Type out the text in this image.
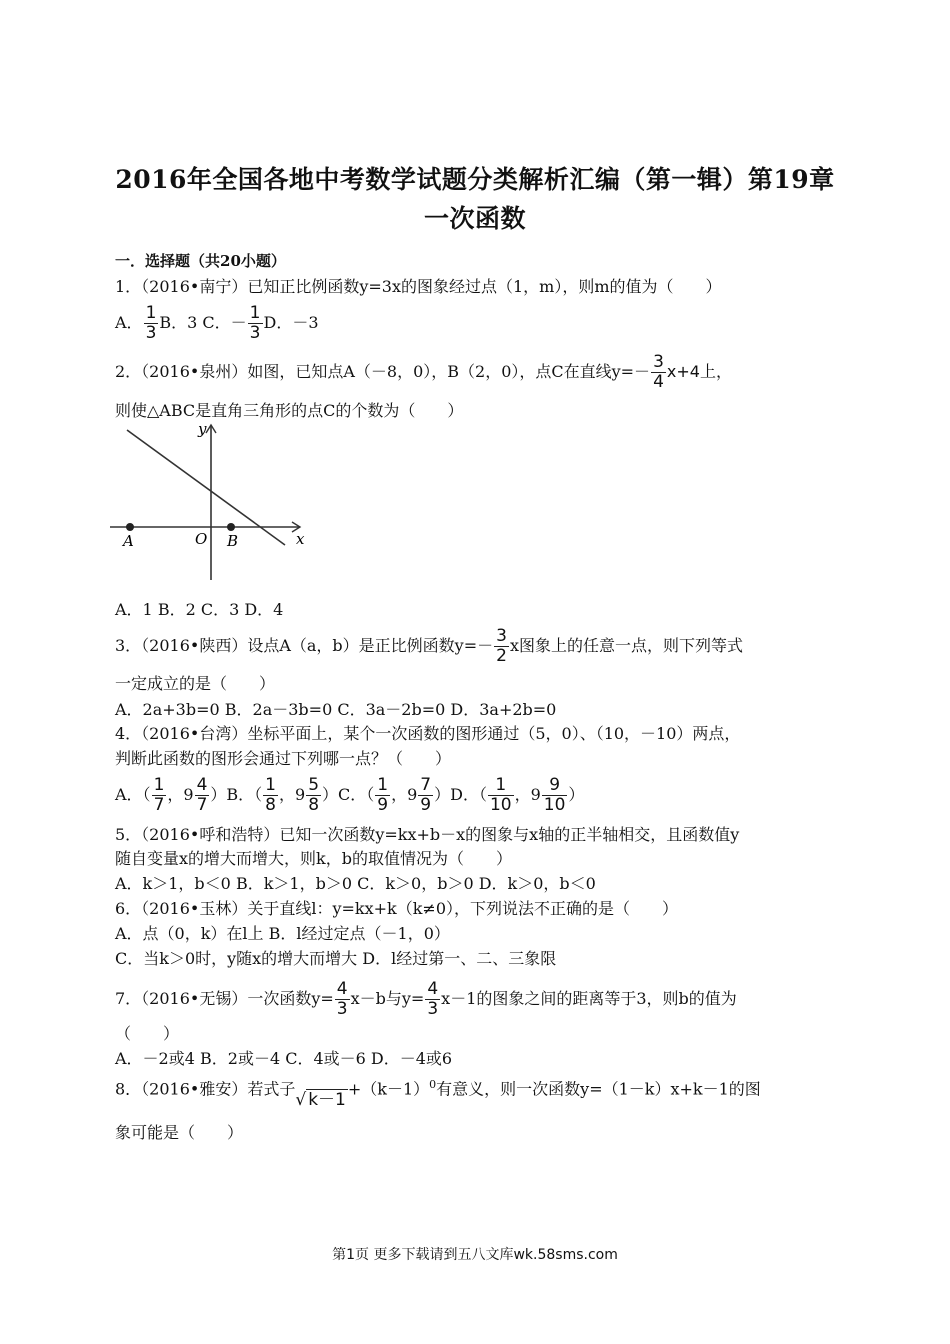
2016年全国各地中考数学试题分类解析汇编（第一辑）第19章
一次函数
一．选择题（共20小题）
1．（2016•南宁）已知正比例函数y=3x的图象经过点（1，m），则m的值为（　　）
A． $\frac{1}{3}$ B．3 C．－ $\frac{1}{3}$ D．－3
2．（2016•泉州）如图，已知点A（－8，0），B（2，0），点C在直线$y=- \frac{3}{4} x+4$上，
则使△ABC是直角三角形的点C的个数为（　　）
y
x
O
A	B
A．1 B．2 C．3 D．4
3．（2016•陕西）设点A（a，b）是正比例函数$y=- \frac{3}{2}$ x图象上的任意一点，则下列等式
一定成立的是（　　）
A．2a+3b=0 B．2a－3b=0 C．3a－2b=0 D．3a+2b=0
4．（2016•台湾）坐标平面上，某个一次函数的图形通过（5，0）、（10，－10）两点，
判断此函数的图形会通过下列哪一点？（　　）
A．（ $\frac{1}{7}$ ，$9 \frac{4}{7} )B$．（ $\frac{1}{8}$ ，$9 \frac{5}{8} )C$．（ $\frac{1}{9}$ ，$9 \frac{7}{9} )D$．（ $\frac{1}{10}$ ，$9 \frac{9}{10}$ ）
5．（2016•呼和浩特）已知一次函数y=kx+b－x的图象与x轴的正半轴相交，且函数值y
随自变量x的增大而增大，则k，b的取值情况为（　　）
A．k＞1，b＜0 B．k＞1，b＞0 C．k＞0，b＞0 D．k＞0，b＜0
6．（2016•玉林）关于直线l：y=kx+k（k≠0），下列说法不正确的是（　　）
A．点（0，k）在l上 B．l经过定点（－1，0）
C．当k＞0时，y随x的增大而增大 D．l经过第一、二、三象限
7．（2016•无锡）一次函数$y= \frac{4}{3} x-b$与$y= \frac{4}{3} x-1$的图象之间的距离等于3，则b的值为
（　　）
A．－2或4 B．2或－4 C．4或－6 D．－4或6
8．（2016•雅安）若式子√ $k-1+(k-1)^0$有意义，则一次函数y=（1－k）x+k－1的图
象可能是（　　）
第1页 更多下载请到五八文库wk.58sms.com
